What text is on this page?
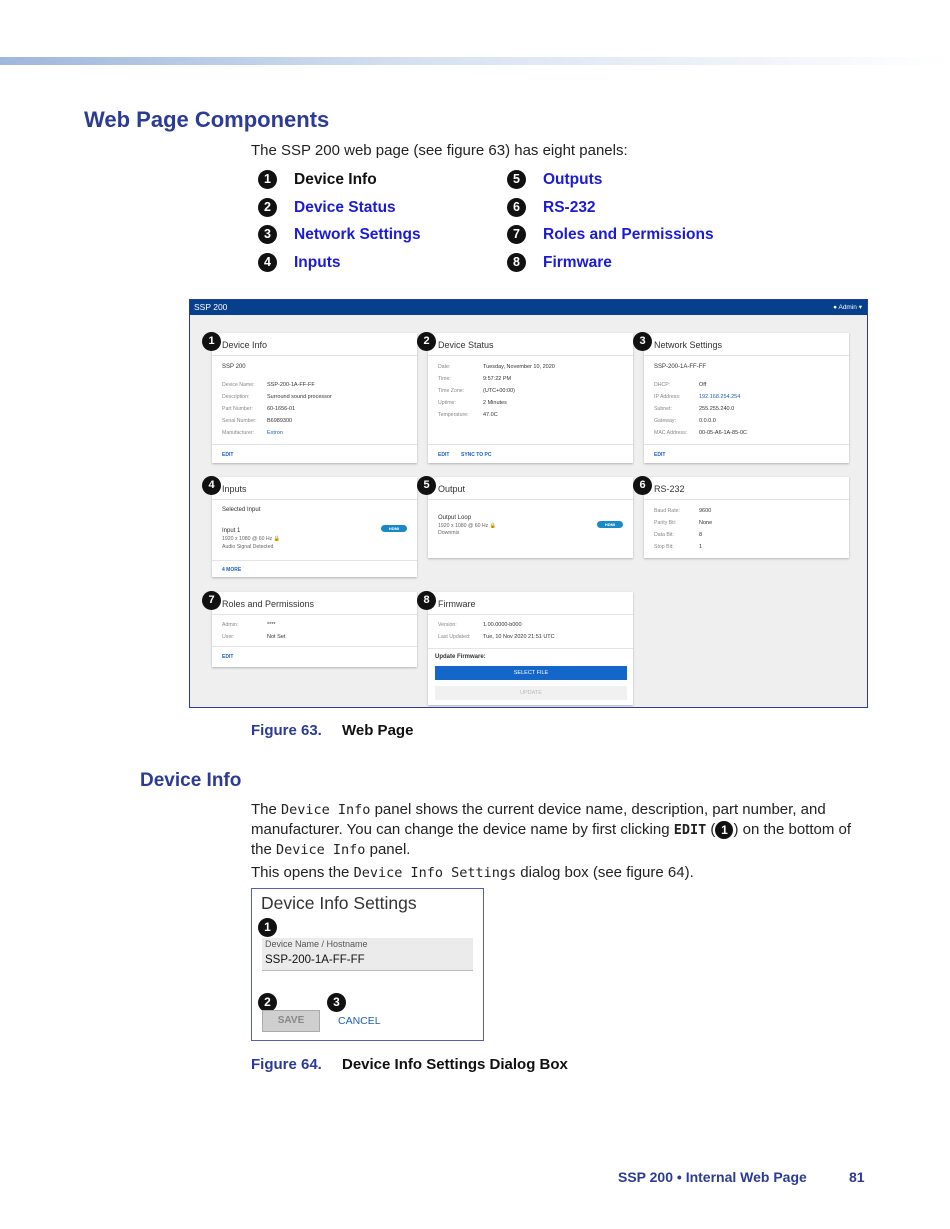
Web Page Components
The SSP 200 web page (see figure 63) has eight panels:
1	Device Info
2	Device Status
3	Network Settings
4	Inputs
5	Outputs
6	RS-232
7	Roles and Permissions
8	Firmware
SSP 200	● Admin ▾
Device Info
SSP 200
Device Name: SSP-200-1A-FF-FF
Description:	Surround sound processor
Part Number:	60-1656-01
Serial Number: B6989300
Manufacturer: Extron
EDIT
1	Device Status
Date:	Tuesday, November 10, 2020
Time:	9:57:22 PM
Time Zone:	(UTC+00:00)
Uptime:	2 Minutes
Temperature:	47.0C
EDIT SYNC TO PC
2	Network Settings
SSP-200-1A-FF-FF
DHCP:	Off
IP Address:	192.168.254.254
Subnet:	255.255.240.0
Gateway:	0.0.0.0
MAC Address: 00-05-A6-1A-85-0C
EDIT
3
Inputs
Selected Input
Input 1
1920 x 1080 @ 60 Hz 🔒
Audio Signal Detected
HDMI
4 MORE
4	Output
Output Loop
1920 x 1080 @ 60 Hz 🔒
Downmix
HDMI
5	RS-232
Baud Rate:	9600
Parity Bit:	None
Data Bit:	8
Stop Bit:	1
6
Roles and Permissions
Admin:	****
User:	Not Set
EDIT
7	Firmware
Version:	1.00.0000-b000
Last Updated: Tue, 10 Nov 2020 21:51 UTC
Update Firmware:
SELECT FILE
UPDATE
8
Figure 63. Web Page
Device Info
The Device Info panel shows the current device name, description, part number, and
manufacturer. You can change the device name by first clicking EDIT ( 1 ) on the bottom of
the Device Info panel.
This opens the Device Info Settings dialog box (see figure 64).
Device Info Settings
1
Device Name / Hostname
SSP-200-1A-FF-FF
2	3
SAVE	CANCEL
Figure 64. Device Info Settings Dialog Box
SSP 200 • Internal Web Page	81
